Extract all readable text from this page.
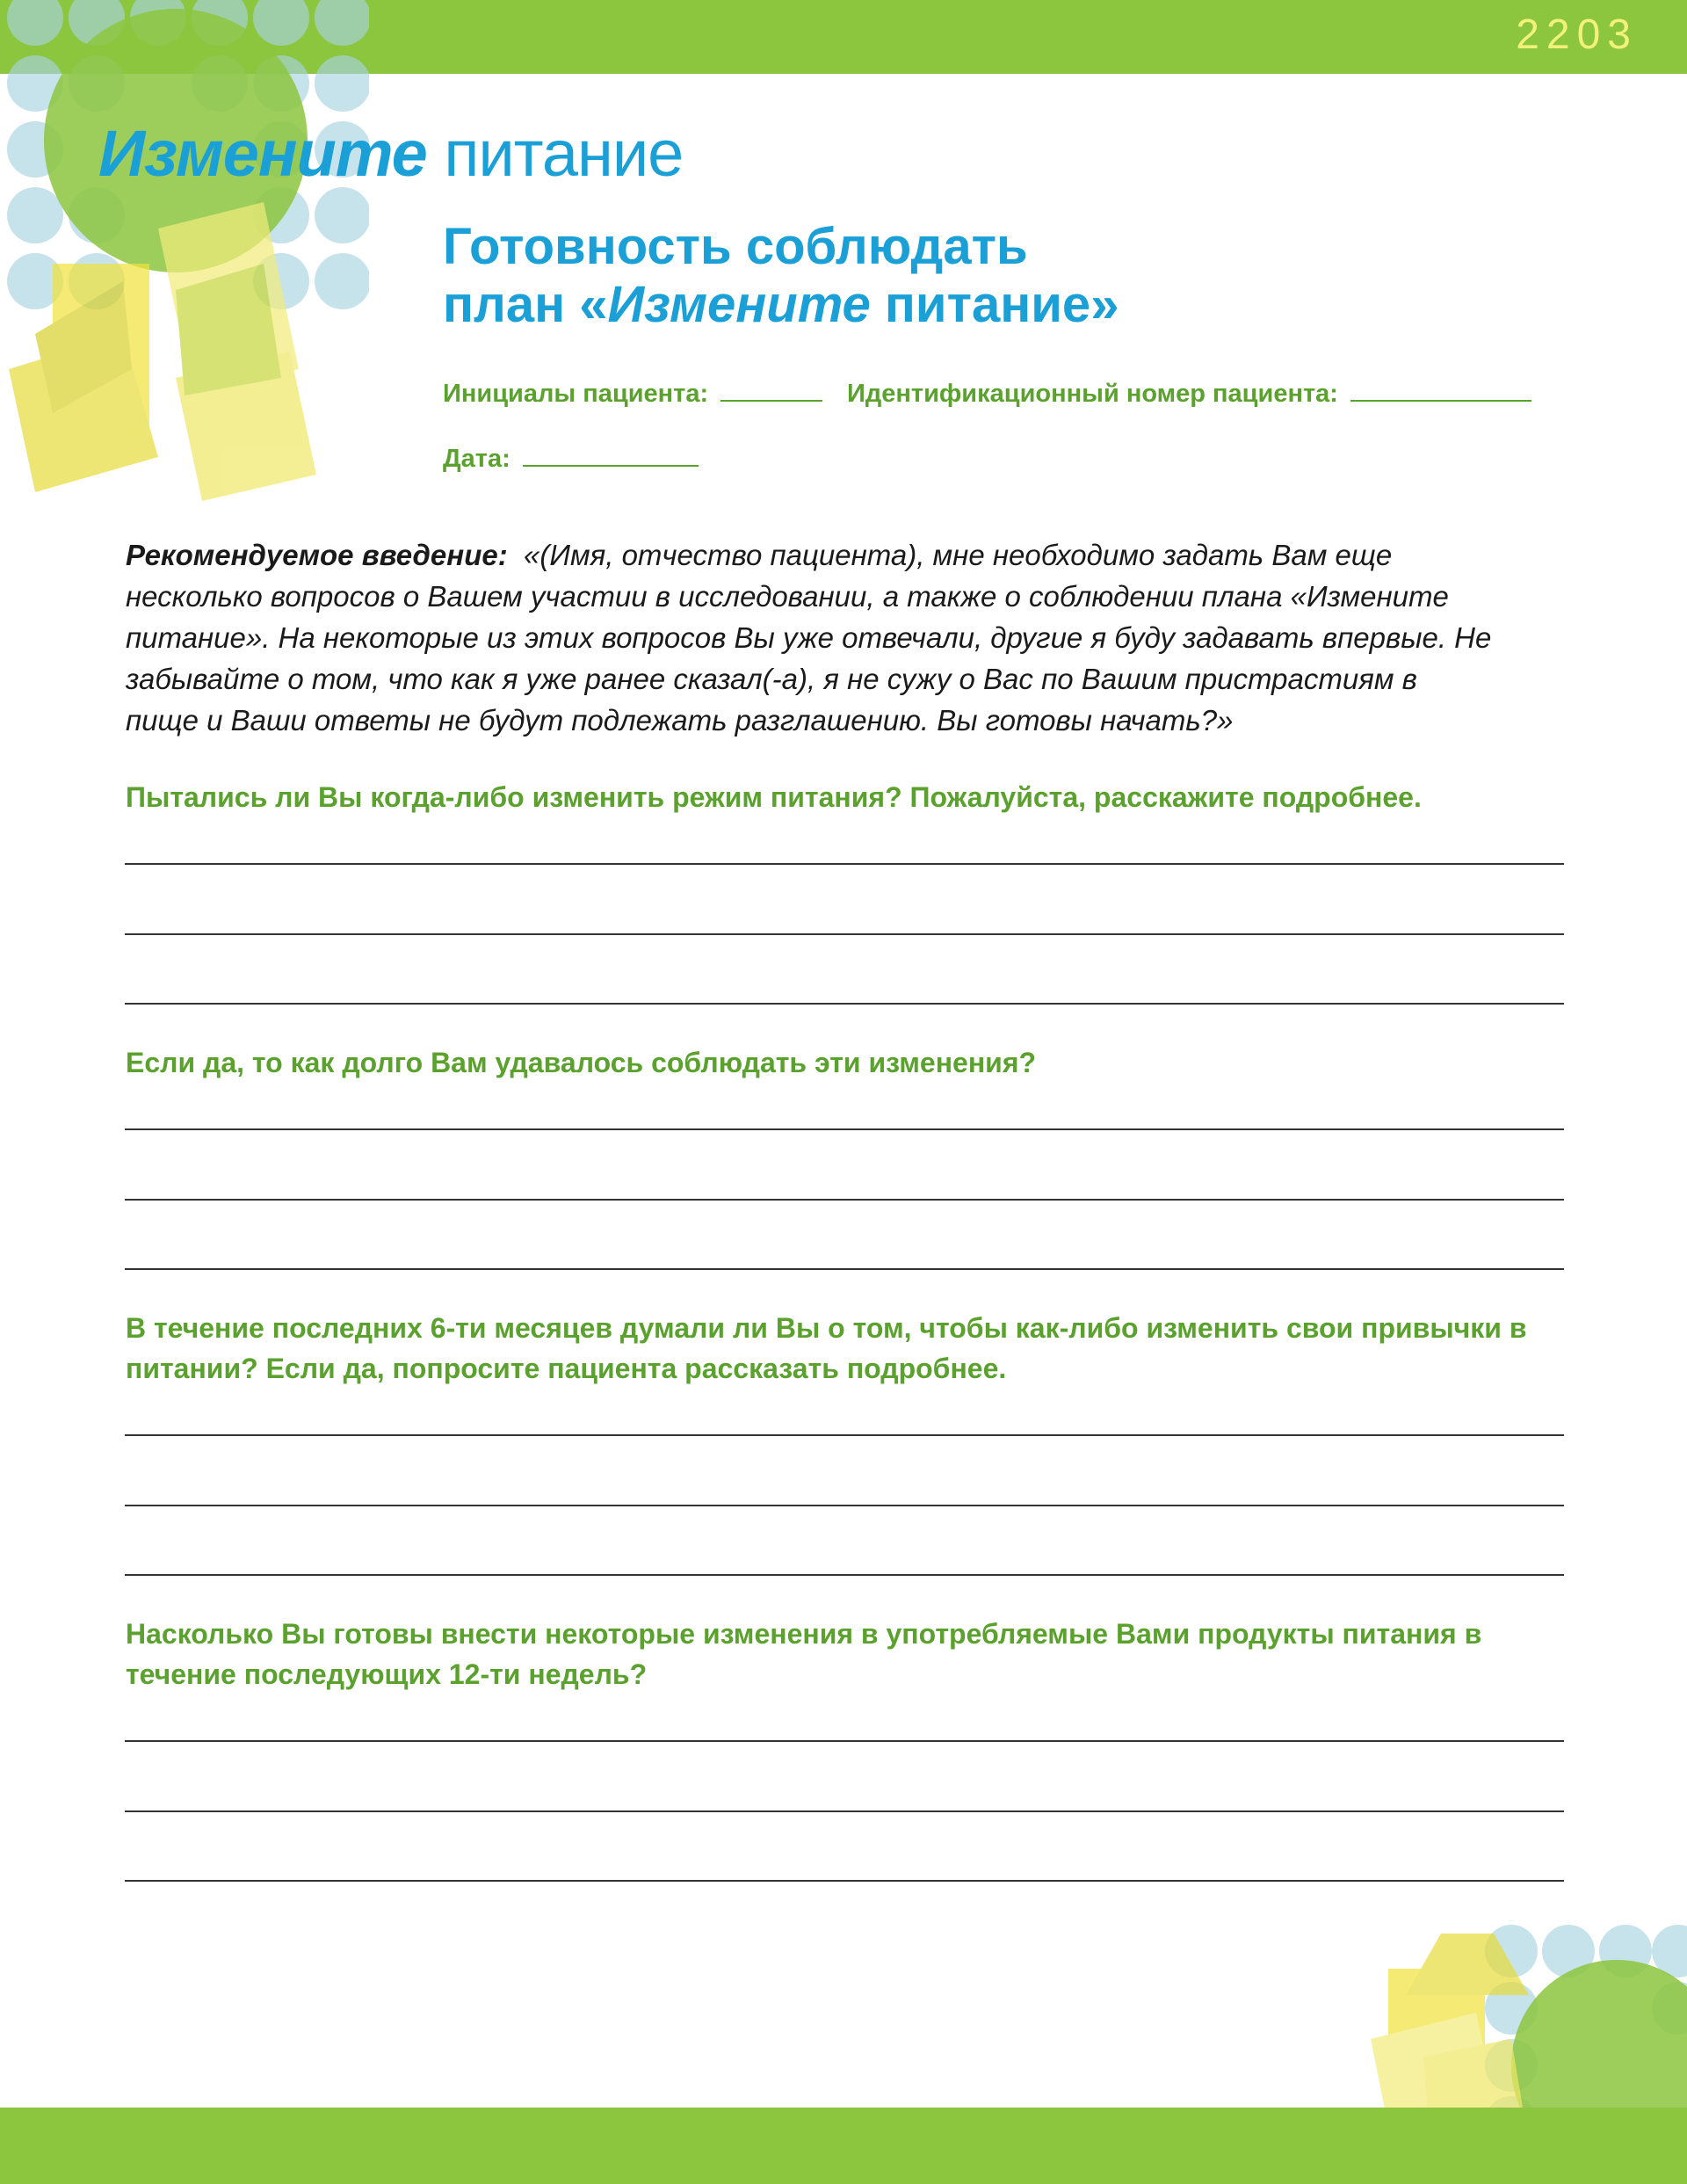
2203
Измените питание
Готовность соблюдать
план «Измените питание»
Инициалы пациента:	Идентификационный номер пациента:
Дата:
Рекомендуемое введение: «(Имя, отчество пациента), мне необходимо задать Вам еще несколько вопросов о Вашем участии в исследовании, а также о соблюдении плана «Измените питание». На некоторые из этих вопросов Вы уже отвечали, другие я буду задавать впервые. Не забывайте о том, что как я уже ранее сказал(-а), я не сужу о Вас по Вашим пристрастиям в пище и Ваши ответы не будут подлежать разглашению. Вы готовы начать?»
Пытались ли Вы когда-либо изменить режим питания? Пожалуйста, расскажите подробнее.
Если да, то как долго Вам удавалось соблюдать эти изменения?
В течение последних 6-ти месяцев думали ли Вы о том, чтобы как-либо изменить свои привычки в питании? Если да, попросите пациента рассказать подробнее.
Насколько Вы готовы внести некоторые изменения в употребляемые Вами продукты питания в течение последующих 12-ти недель?
